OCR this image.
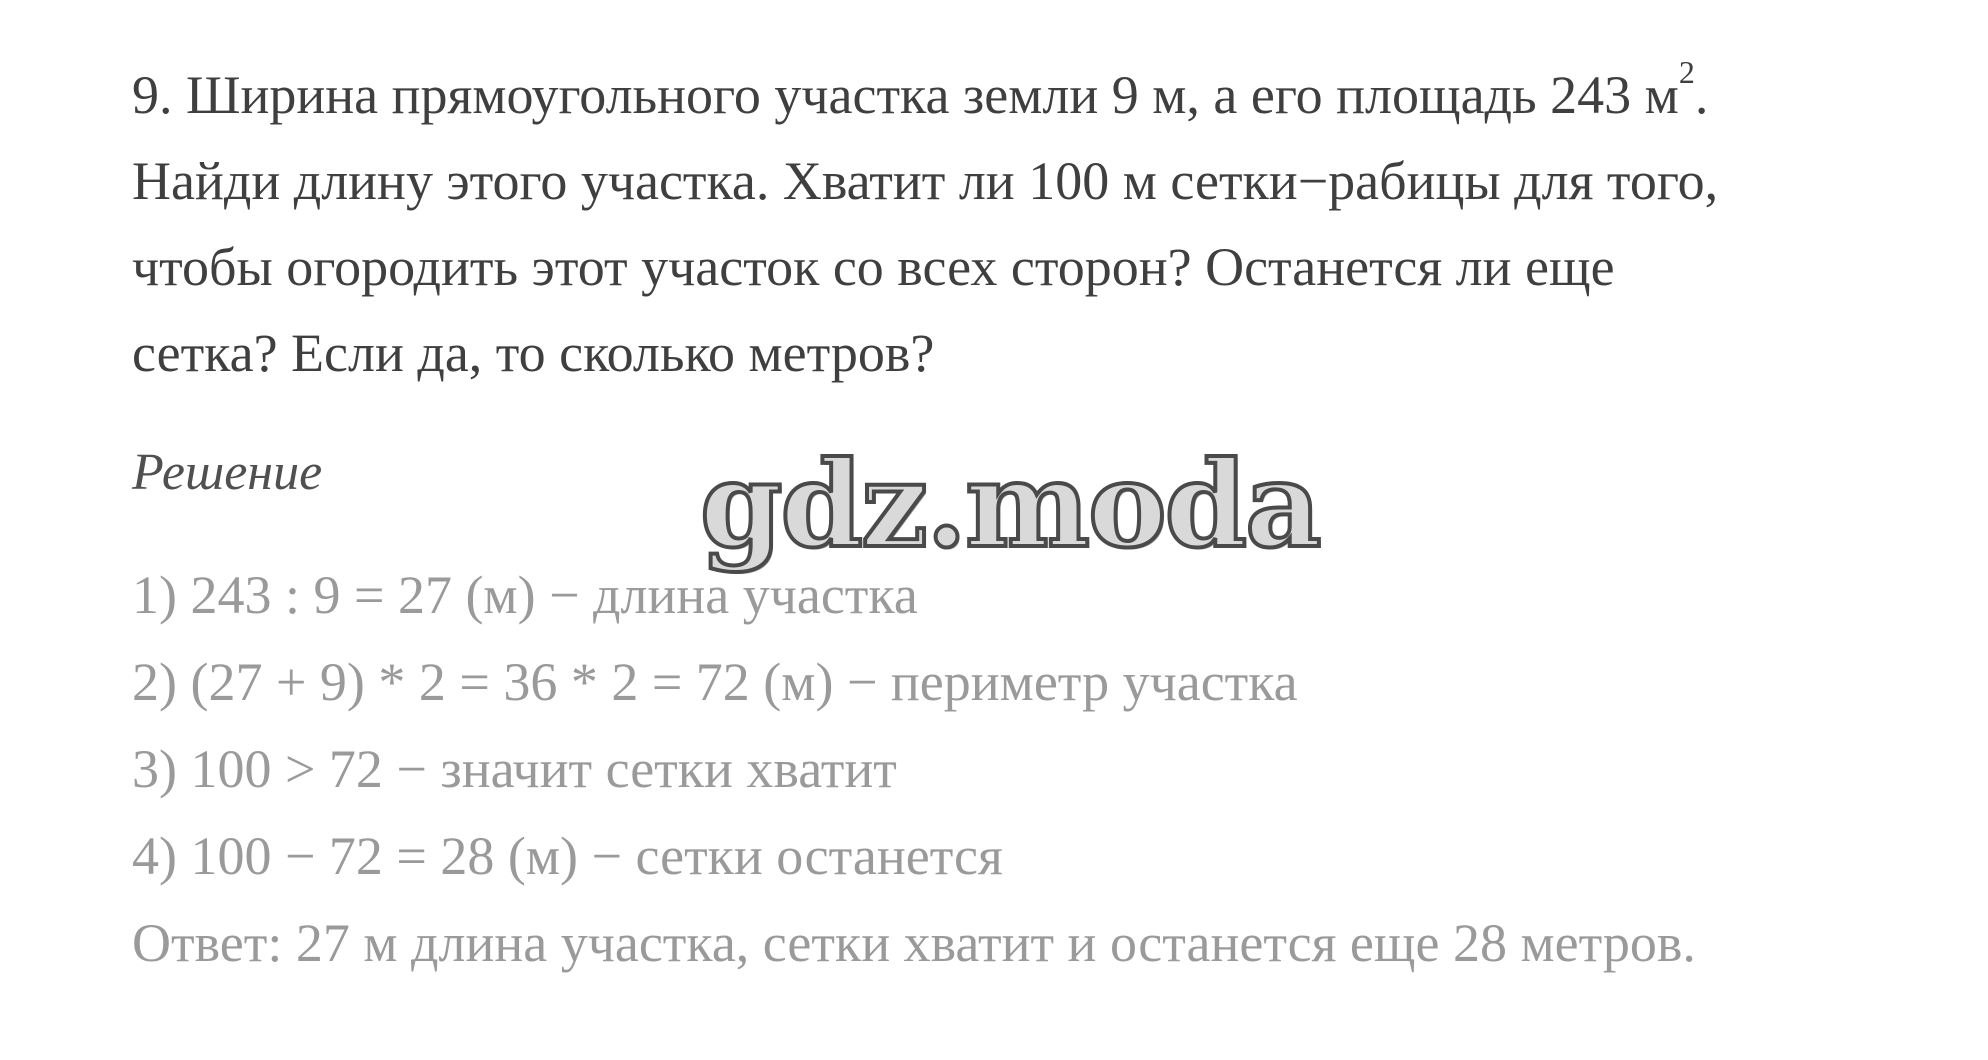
9. Ширина прямоугольного участка земли 9 м, а его площадь 243 $м^2$.
Найди длину этого участка. Хватит ли 100 м сетки−рабицы для того,
чтобы огородить этот участок со всех сторон? Останется ли еще
сетка? Если да, то сколько метров?
Решение	gdz.moda
1) 243 : 9 = 27 (м) − длина участка
2) (27 + 9) * 2 = 36 * 2 = 72 (м) − периметр участка
3) 100 > 72 − значит сетки хватит
4) 100 − 72 = 28 (м) − сетки останется
Ответ: 27 м длина участка, сетки хватит и останется еще 28 метров.
